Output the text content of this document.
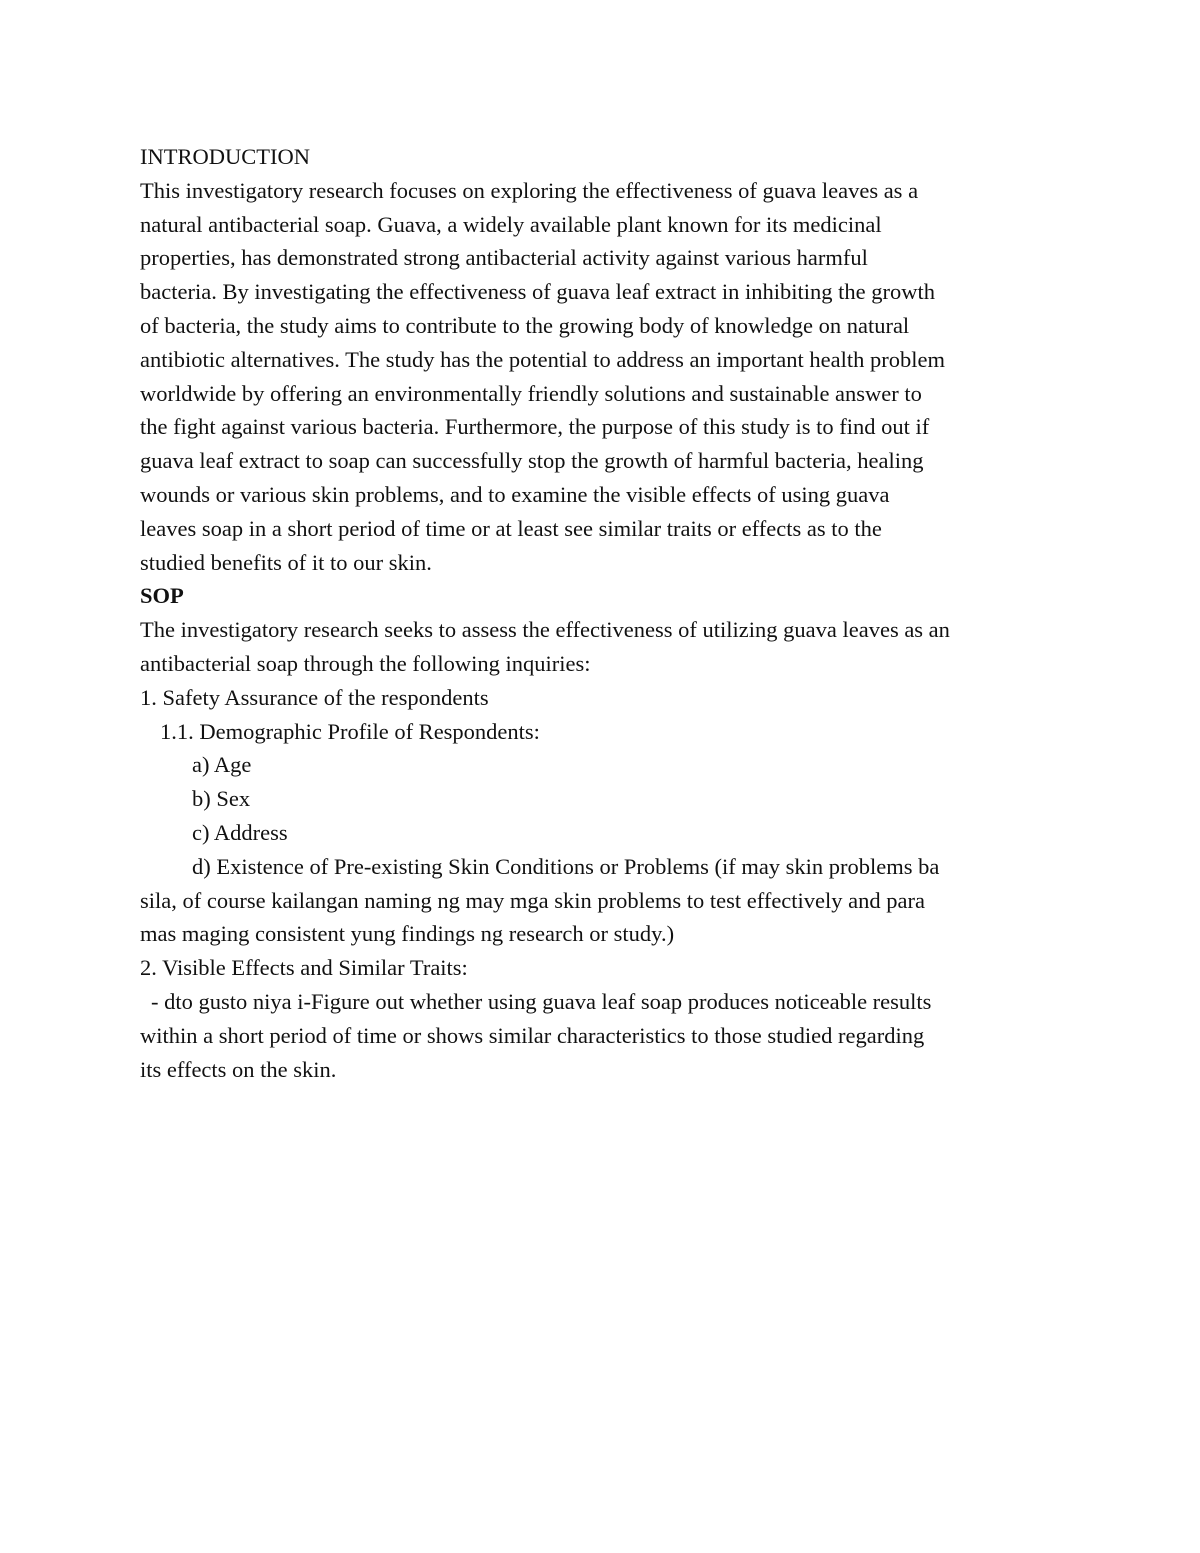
INTRODUCTION

This investigatory research focuses on exploring the effectiveness of guava leaves as a
natural antibacterial soap. Guava, a widely available plant known for its medicinal
properties, has demonstrated strong antibacterial activity against various harmful
bacteria. By investigating the effectiveness of guava leaf extract in inhibiting the growth
of bacteria, the study aims to contribute to the growing body of knowledge on natural
antibiotic alternatives. The study has the potential to address an important health problem
worldwide by offering an environmentally friendly solutions and sustainable answer to
the fight against various bacteria. Furthermore, the purpose of this study is to find out if
guava leaf extract to soap can successfully stop the growth of harmful bacteria, healing
wounds or various skin problems, and to examine the visible effects of using guava
leaves soap in a short period of time or at least see similar traits or effects as to the
studied benefits of it to our skin.

SOP

The investigatory research seeks to assess the effectiveness of utilizing guava leaves as an
antibacterial soap through the following inquiries:

1. Safety Assurance of the respondents

1.1. Demographic Profile of Respondents:

a) Age

b) Sex

c) Address

d) Existence of Pre-existing Skin Conditions or Problems (if may skin problems ba
sila, of course kailangan naming ng may mga skin problems to test effectively and para
mas maging consistent yung findings ng research or study.)

2. Visible Effects and Similar Traits:

- dto gusto niya i-Figure out whether using guava leaf soap produces noticeable results
within a short period of time or shows similar characteristics to those studied regarding
its effects on the skin.
